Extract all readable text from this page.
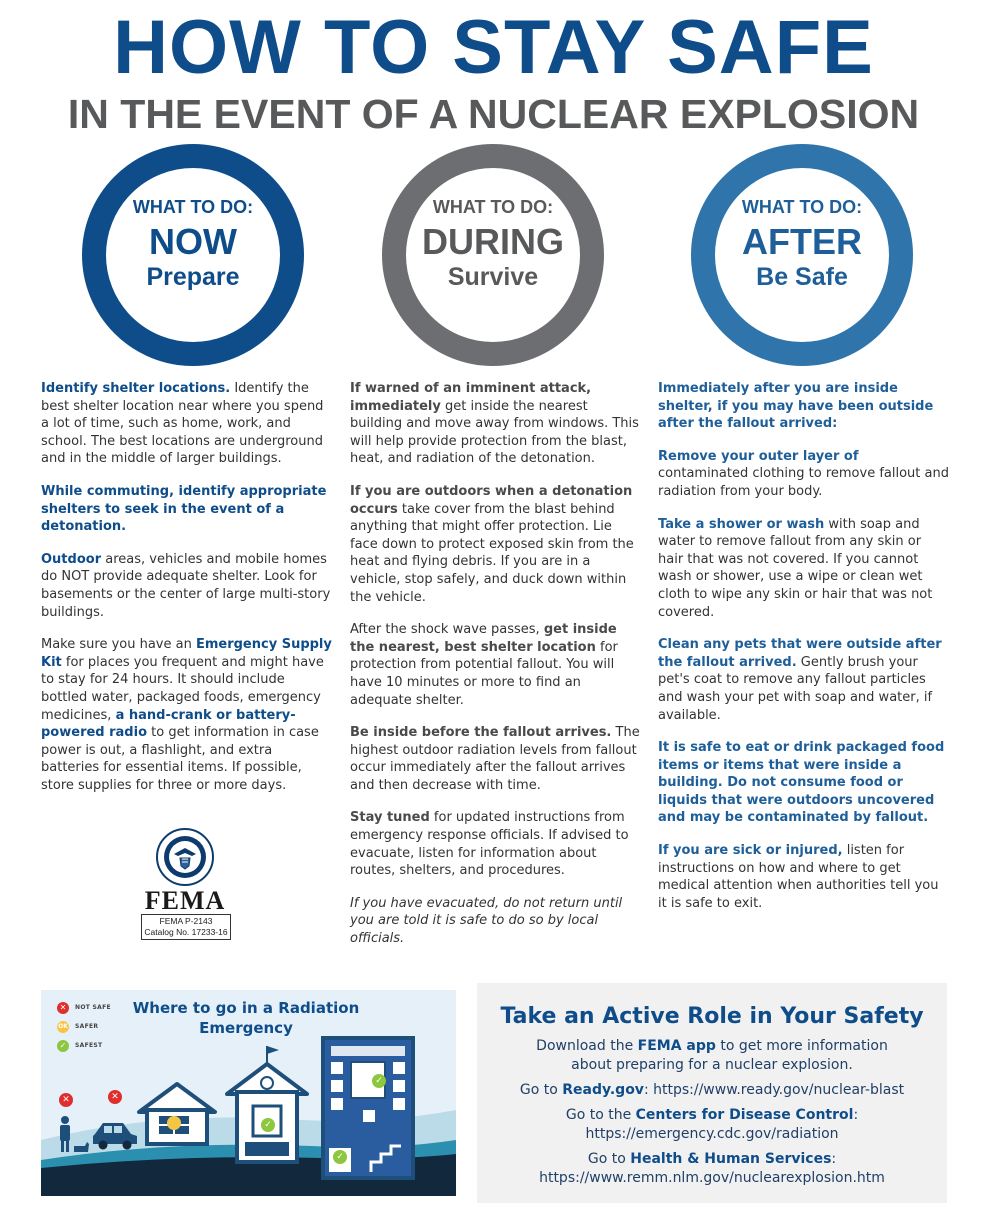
HOW TO STAY SAFE
IN THE EVENT OF A NUCLEAR EXPLOSION
WHAT TO DO:
NOW
Prepare
WHAT TO DO:
DURING
Survive
WHAT TO DO:
AFTER
Be Safe

Identify shelter locations. Identify the best shelter location near where you spend a lot of time, such as home, work, and school. The best locations are underground and in the middle of larger buildings.

While commuting, identify appropriate shelters to seek in the event of a detonation.

Outdoor areas, vehicles and mobile homes do NOT provide adequate shelter. Look for basements or the center of large multi-story buildings.

Make sure you have an Emergency Supply Kit for places you frequent and might have to stay for 24 hours. It should include bottled water, packaged foods, emergency medicines, a hand-crank or battery-powered radio to get information in case power is out, a flashlight, and extra batteries for essential items. If possible, store supplies for three or more days.

If warned of an imminent attack, immediately get inside the nearest building and move away from windows. This will help provide protection from the blast, heat, and radiation of the detonation.

If you are outdoors when a detonation occurs take cover from the blast behind anything that might offer protection. Lie face down to protect exposed skin from the heat and flying debris. If you are in a vehicle, stop safely, and duck down within the vehicle.

After the shock wave passes, get inside the nearest, best shelter location for protection from potential fallout. You will have 10 minutes or more to find an adequate shelter.

Be inside before the fallout arrives. The highest outdoor radiation levels from fallout occur immediately after the fallout arrives and then decrease with time.

Stay tuned for updated instructions from emergency response officials. If advised to evacuate, listen for information about routes, shelters, and procedures.

If you have evacuated, do not return until you are told it is safe to do so by local officials.

Immediately after you are inside shelter, if you may have been outside after the fallout arrived:

Remove your outer layer of contaminated clothing to remove fallout and radiation from your body.

Take a shower or wash with soap and water to remove fallout from any skin or hair that was not covered. If you cannot wash or shower, use a wipe or clean wet cloth to wipe any skin or hair that was not covered.

Clean any pets that were outside after the fallout arrived. Gently brush your pet's coat to remove any fallout particles and wash your pet with soap and water, if available.

It is safe to eat or drink packaged food items or items that were inside a building. Do not consume food or liquids that were outdoors uncovered and may be contaminated by fallout.

If you are sick or injured, listen for instructions on how and where to get medical attention when authorities tell you it is safe to exit.

FEMA
FEMA P-2143
Catalog No. 17233-16
Where to go in a Radiation Emergency
✕	NOT SAFE
OK SAFER
✓	SAFEST
✕	✕
✓
✓
✓
Take an Active Role in Your Safety
Download the FEMA app to get more information about preparing for a nuclear explosion.
Go to Ready.gov: https://www.ready.gov/nuclear-blast
Go to the Centers for Disease Control:
https://emergency.cdc.gov/radiation
Go to Health & Human Services:
https://www.remm.nlm.gov/nuclearexplosion.htm
